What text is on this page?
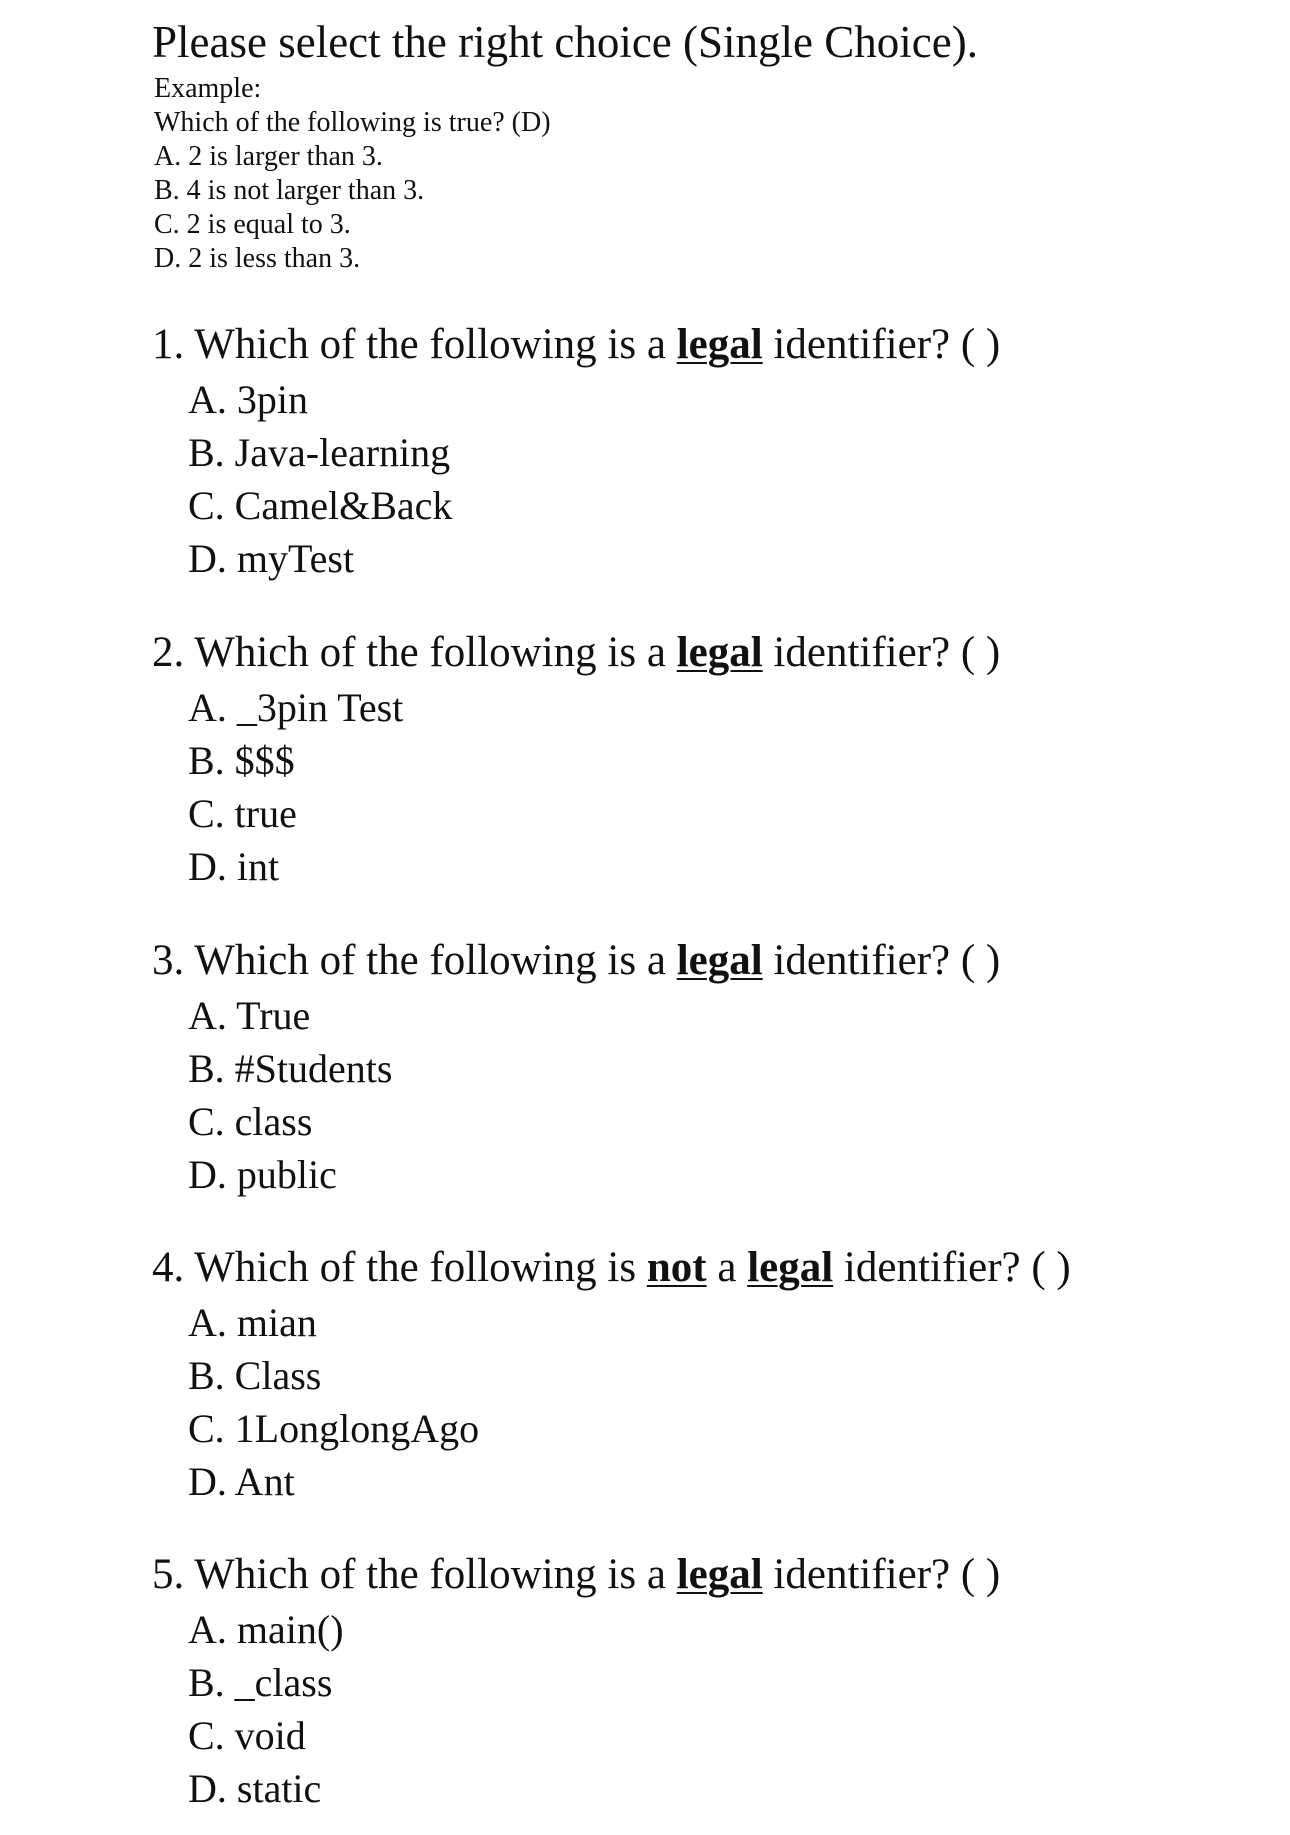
Please select the right choice (Single Choice).
Example:
Which of the following is true? (D)
A. 2 is larger than 3.
B. 4 is not larger than 3.
C. 2 is equal to 3.
D. 2 is less than 3.
1. Which of the following is a legal identifier? ( )
A. 3pin
B. Java-learning
C. Camel&Back
D. myTest
2. Which of the following is a legal identifier? ( )
A. _3pin Test
B. $$$
C. true
D. int
3. Which of the following is a legal identifier? ( )
A. True
B. #Students
C. class
D. public
4. Which of the following is not a legal identifier? ( )
A. mian
B. Class
C. 1LonglongAgo
D. Ant
5. Which of the following is a legal identifier? ( )
A. main()
B. _class
C. void
D. static
